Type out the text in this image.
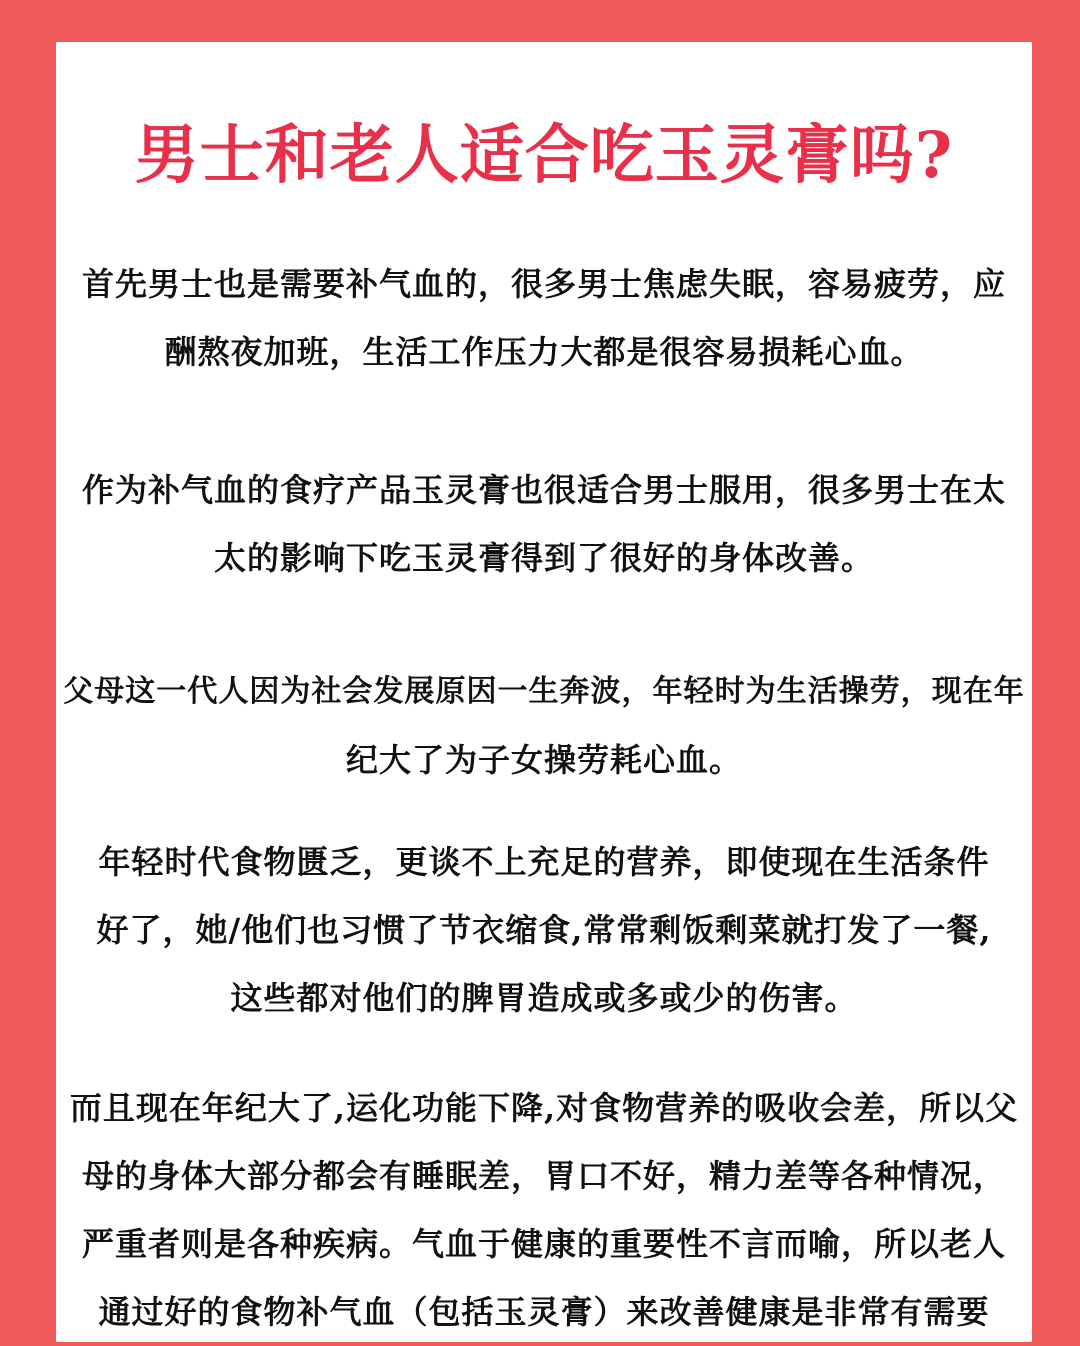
男士和老人适合吃玉灵膏吗?
首先男士也是需要补气血的，很多男士焦虑失眠，容易疲劳，应
酬熬夜加班，生活工作压力大都是很容易损耗心血。
作为补气血的食疗产品玉灵膏也很适合男士服用，很多男士在太
太的影响下吃玉灵膏得到了很好的身体改善。
父母这一代人因为社会发展原因一生奔波，年轻时为生活操劳，现在年
纪大了为子女操劳耗心血。
年轻时代食物匮乏，更谈不上充足的营养，即使现在生活条件
好了，她/他们也习惯了节衣缩食,常常剩饭剩菜就打发了一餐,
这些都对他们的脾胃造成或多或少的伤害。
而且现在年纪大了,运化功能下降,对食物营养的吸收会差，所以父
母的身体大部分都会有睡眠差，胃口不好，精力差等各种情况，
严重者则是各种疾病。气血于健康的重要性不言而喻，所以老人
通过好的食物补气血（包括玉灵膏）来改善健康是非常有需要
